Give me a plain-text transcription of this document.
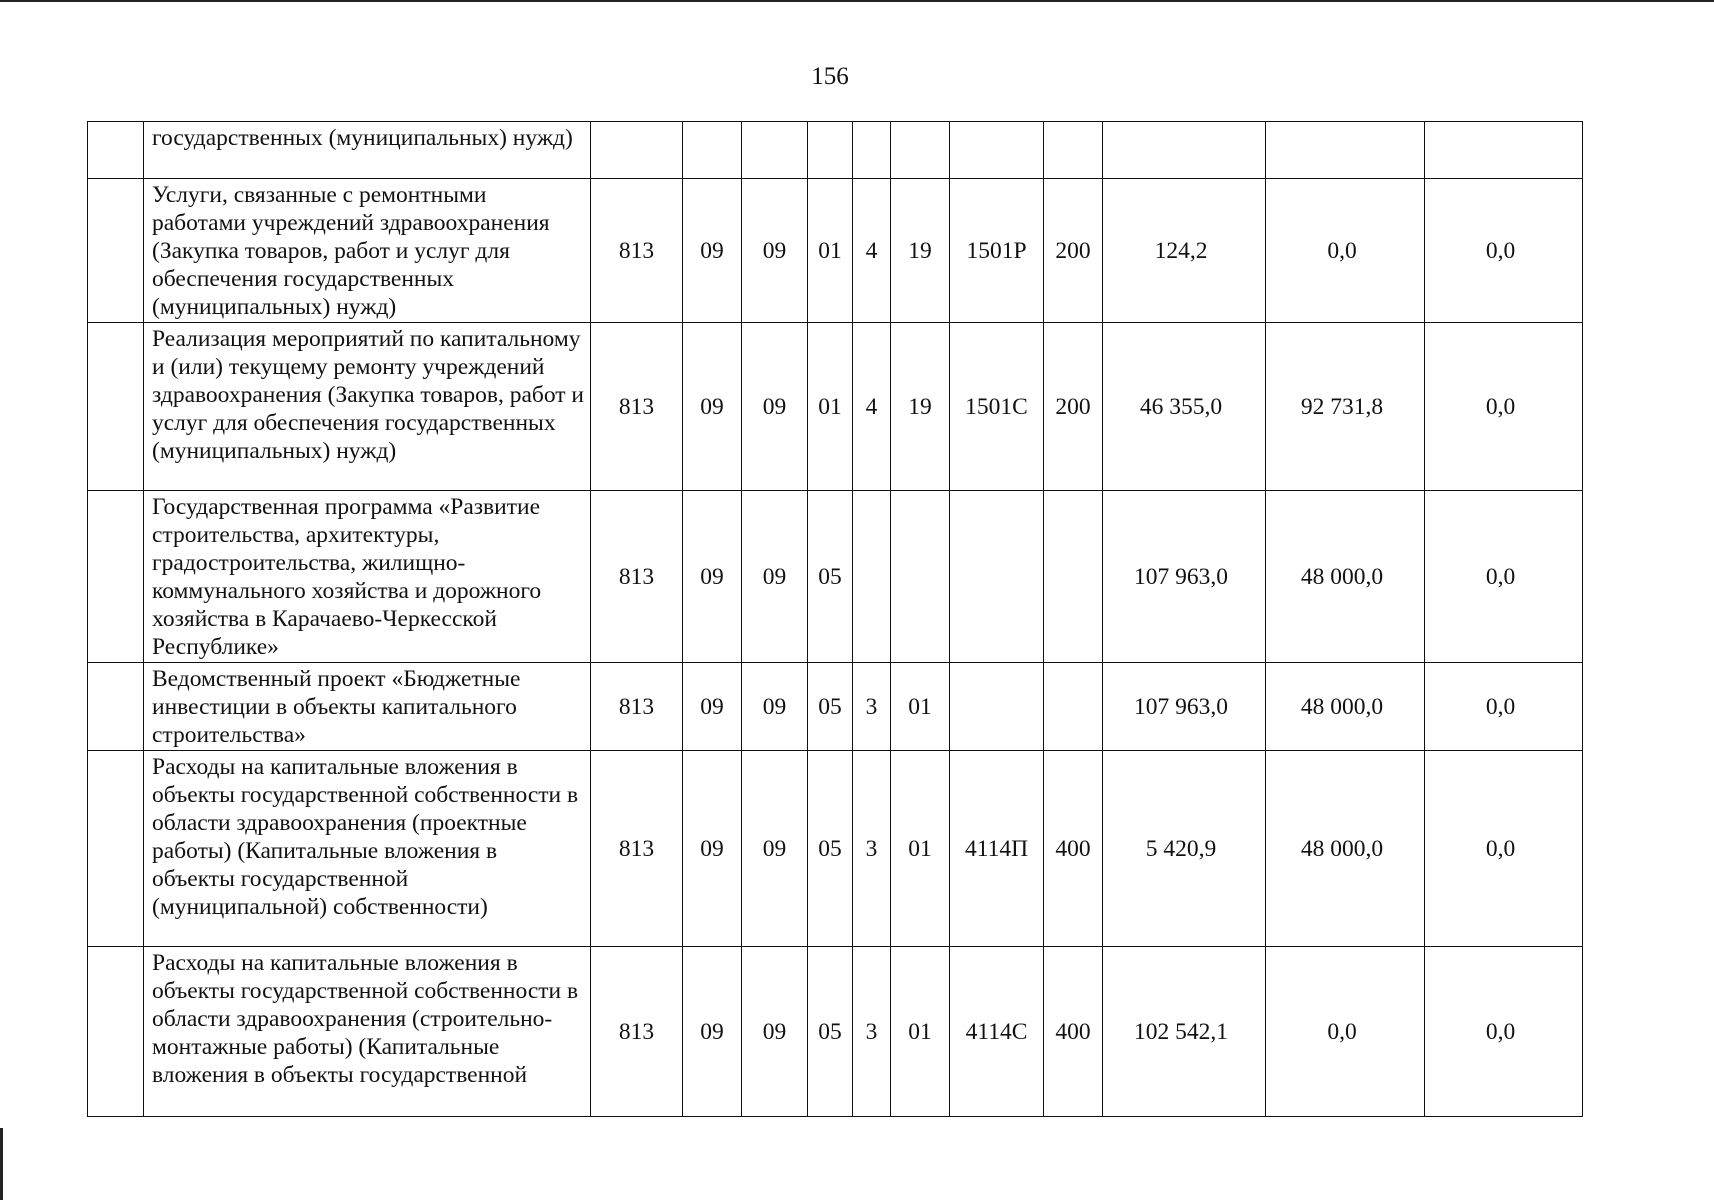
156
	государственных (муниципальных) нужд)											
	Услуги, связанные с ремонтными работами учреждений здравоохранения (Закупка товаров, работ и услуг для обеспечения государственных (муниципальных) нужд)	813	09	09	01	4	19	1501Р	200	124,2	0,0	0,0
	Реализация мероприятий по капитальному и (или) текущему ремонту учреждений здравоохранения (Закупка товаров, работ и услуг для обеспечения государственных (муниципальных) нужд)	813	09	09	01	4	19	1501С	200	46 355,0	92 731,8	0,0
	Государственная программа «Развитие строительства, архитектуры, градостроительства, жилищно-коммунального хозяйства и дорожного хозяйства в Карачаево-Черкесской Республике»	813	09	09	05					107 963,0	48 000,0	0,0
	Ведомственный проект «Бюджетные инвестиции в объекты капитального строительства»	813	09	09	05	3	01			107 963,0	48 000,0	0,0
	Расходы на капитальные вложения в объекты государственной собственности в области здравоохранения (проектные работы) (Капитальные вложения в объекты государственной (муниципальной) собственности)	813	09	09	05	3	01	4114П	400	5 420,9	48 000,0	0,0
	Расходы на капитальные вложения в объекты государственной собственности в области здравоохранения (строительно-монтажные работы) (Капитальные вложения в объекты государственной	813	09	09	05	3	01	4114С	400	102 542,1	0,0	0,0
